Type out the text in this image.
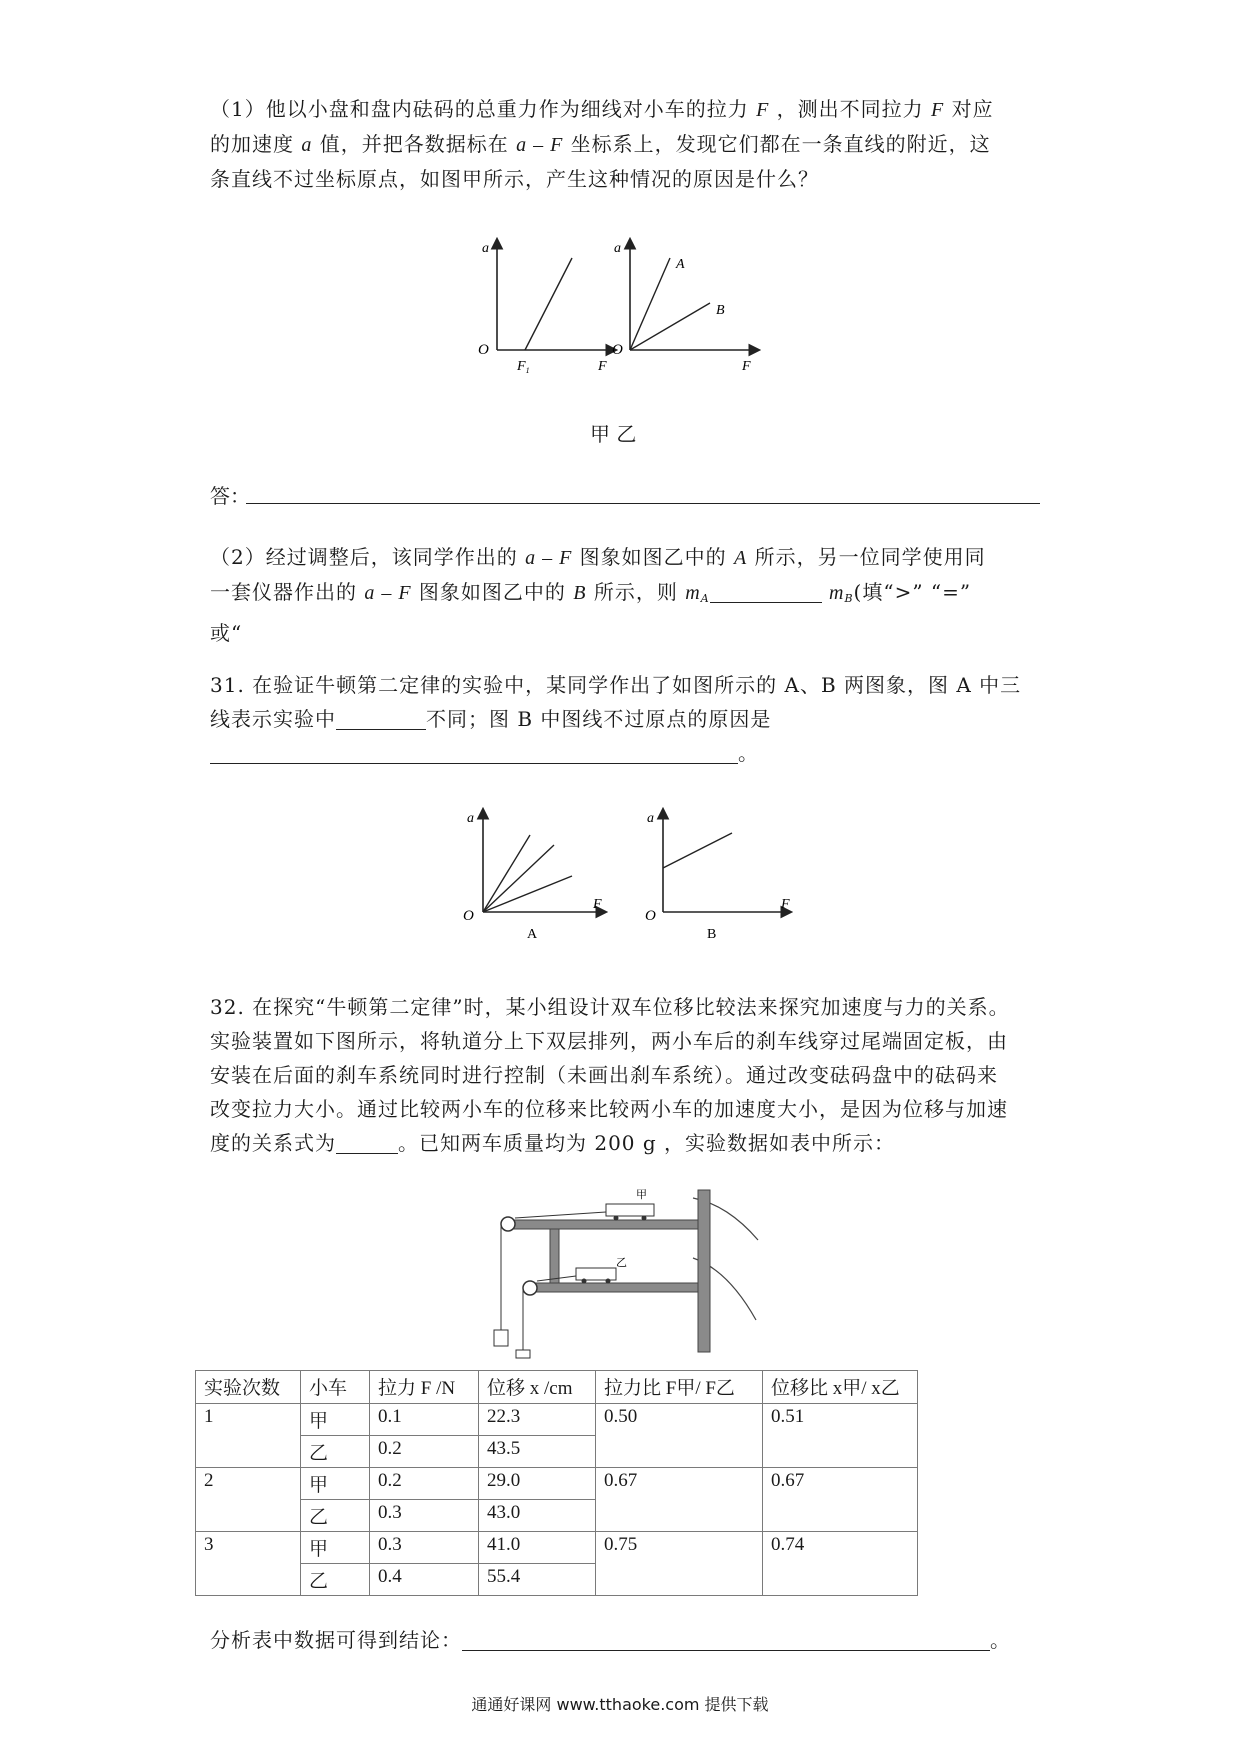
（1）他以小盘和盘内砝码的总重力作为细线对小车的拉力 F ，测出不同拉力 F 对应
的加速度 a 值，并把各数据标在 a – F 坐标系上，发现它们都在一条直线的附近，这
条直线不过坐标原点，如图甲所示，产生这种情况的原因是什么？
a
O
$F_1$	F
a
O
A
B
F
甲 乙
答：
（2）经过调整后，该同学作出的 a – F 图象如图乙中的 A 所示，另一位同学使用同
一套仪器作出的 a – F 图象如图乙中的 B 所示，则 $m_A$	$m_B$(填“>” “=”
或“
31. 在验证牛顿第二定律的实验中，某同学作出了如图所示的 A、B 两图象，图 A 中三
线表示实验中	不同；图 B 中图线不过原点的原因是
。
a
O
F
A
a
O
F
B
32. 在探究“牛顿第二定律”时，某小组设计双车位移比较法来探究加速度与力的关系。
实验装置如下图所示，将轨道分上下双层排列，两小车后的刹车线穿过尾端固定板，由
安装在后面的刹车系统同时进行控制（未画出刹车系统）。通过改变砝码盘中的砝码来
改变拉力大小。通过比较两小车的位移来比较两小车的加速度大小，是因为位移与加速
度的关系式为	。已知两车质量均为 200 g ，实验数据如表中所示：
甲
乙
实验次数	小车	拉力 F /N	位移 x /cm	拉力比 F甲/ F乙	位移比 x甲/ x乙
1	甲	0.1	22.3	0.50	0.51
	乙	0.2	43.5		
2	甲	0.2	29.0	0.67	0.67
	乙	0.3	43.0		
3	甲	0.3	41.0	0.75	0.74
	乙	0.4	55.4		
分析表中数据可得到结论：	。
通通好课网 www.tthaoke.com 提供下载
